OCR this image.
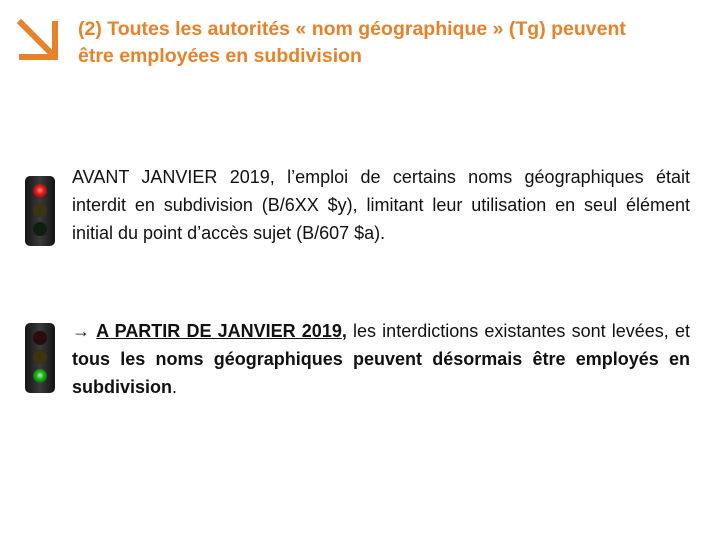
(2) Toutes les autorités « nom géographique » (Tg) peuvent
être employées en subdivision
AVANT JANVIER 2019, l’emploi de certains noms géographiques était interdit en subdivision (B/6XX $y), limitant leur utilisation en seul élément initial du point d’accès sujet (B/607 $a).
→ A PARTIR DE JANVIER 2019, les interdictions existantes sont levées, et tous les noms géographiques peuvent désormais être employés en subdivision.
